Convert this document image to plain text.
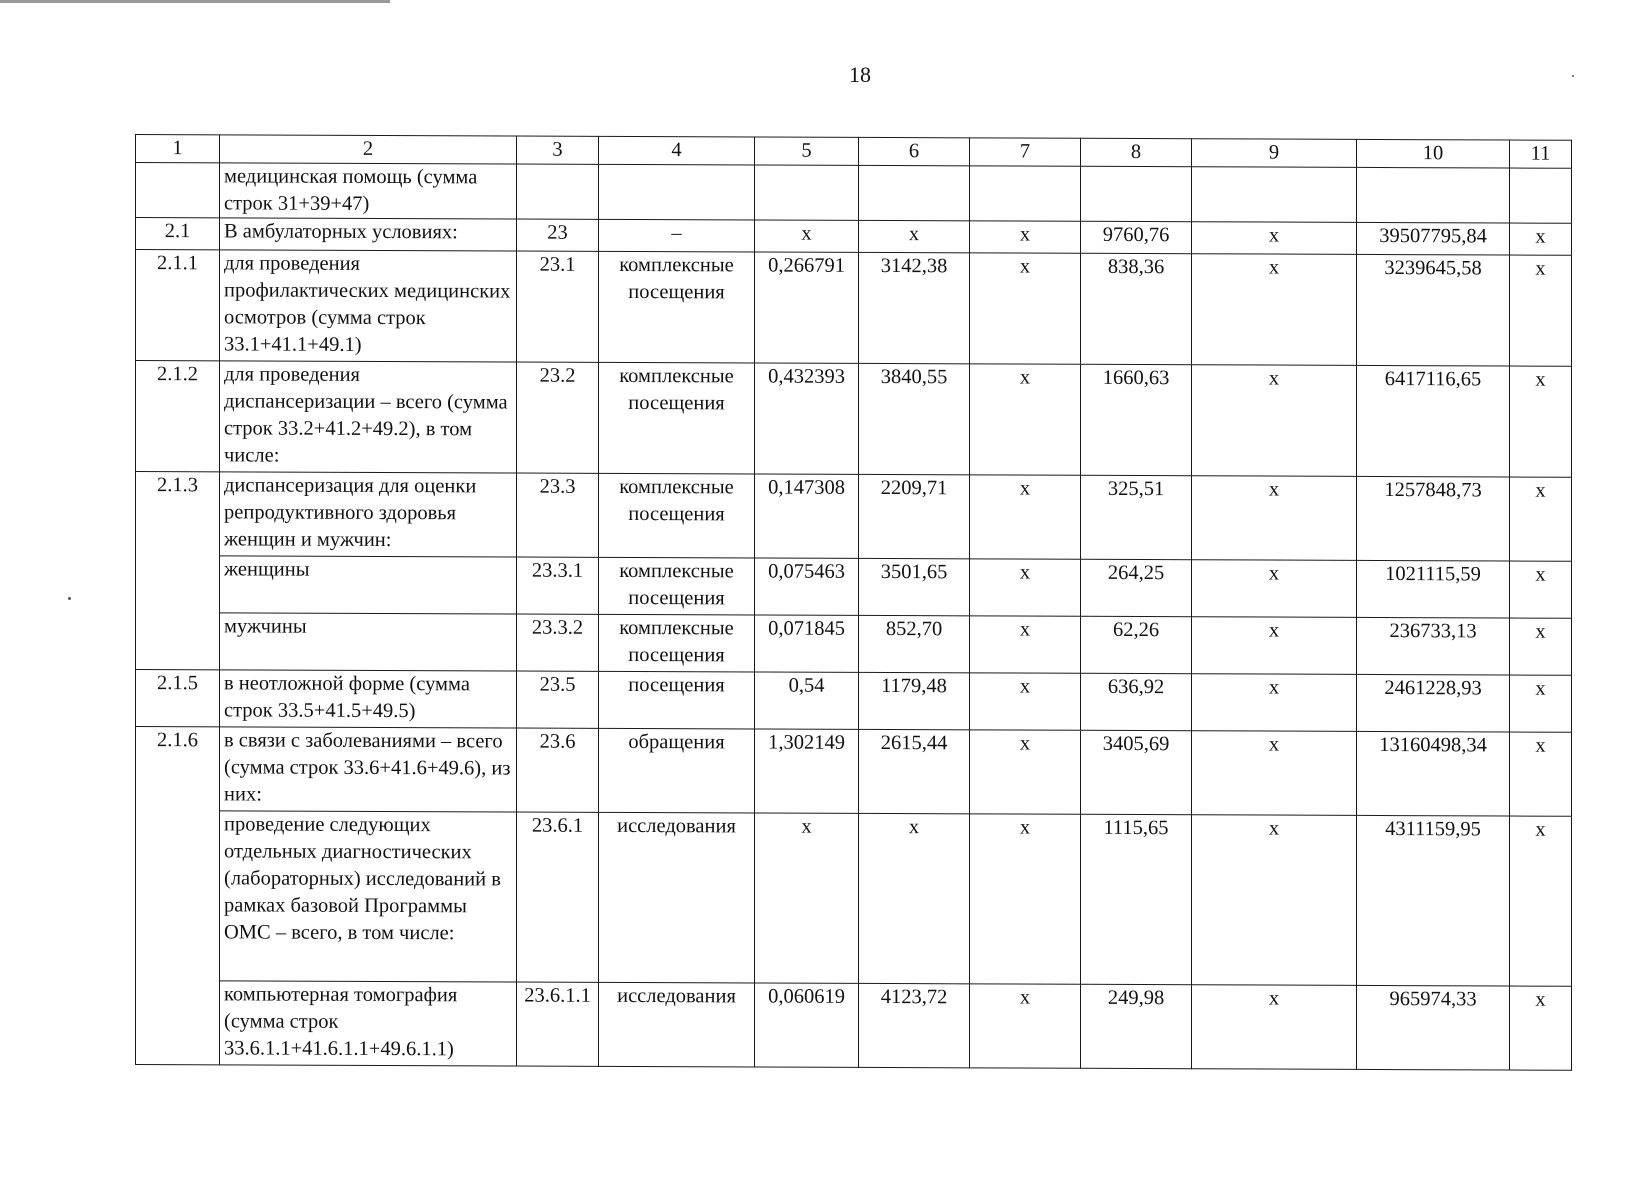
18
1	2	3	4	5	6	7	8	9	10	11
	медицинская помощь (сумма строк 31+39+47)									
2.1	В амбулаторных условиях:	23	–	х	х	х	9760,76	х	39507795,84	х
2.1.1	для проведения профилактических медицинских осмотров (сумма строк 33.1+41.1+49.1)	23.1	комплексные посещения	0,266791	3142,38	х	838,36	х	3239645,58	х
2.1.2	для проведения диспансеризации – всего (сумма строк 33.2+41.2+49.2), в том числе:	23.2	комплексные посещения	0,432393	3840,55	х	1660,63	х	6417116,65	х
2.1.3	диспансеризация для оценки репродуктивного здоровья женщин и мужчин:	23.3	комплексные посещения	0,147308	2209,71	х	325,51	х	1257848,73	х
	женщины	23.3.1	комплексные посещения	0,075463	3501,65	х	264,25	х	1021115,59	х
	мужчины	23.3.2	комплексные посещения	0,071845	852,70	х	62,26	х	236733,13	х
2.1.5	в неотложной форме (сумма строк 33.5+41.5+49.5)	23.5	посещения	0,54	1179,48	х	636,92	х	2461228,93	х
2.1.6	в связи с заболеваниями – всего (сумма строк 33.6+41.6+49.6), из них:	23.6	обращения	1,302149	2615,44	х	3405,69	х	13160498,34	х
	проведение следующих отдельных диагностических (лабораторных) исследований в рамках базовой Программы ОМС – всего, в том числе:	23.6.1	исследования	х	х	х	1115,65	х	4311159,95	х
	компьютерная томография (сумма строк 33.6.1.1+41.6.1.1+49.6.1.1)	23.6.1.1	исследования	0,060619	4123,72	х	249,98	х	965974,33	х
